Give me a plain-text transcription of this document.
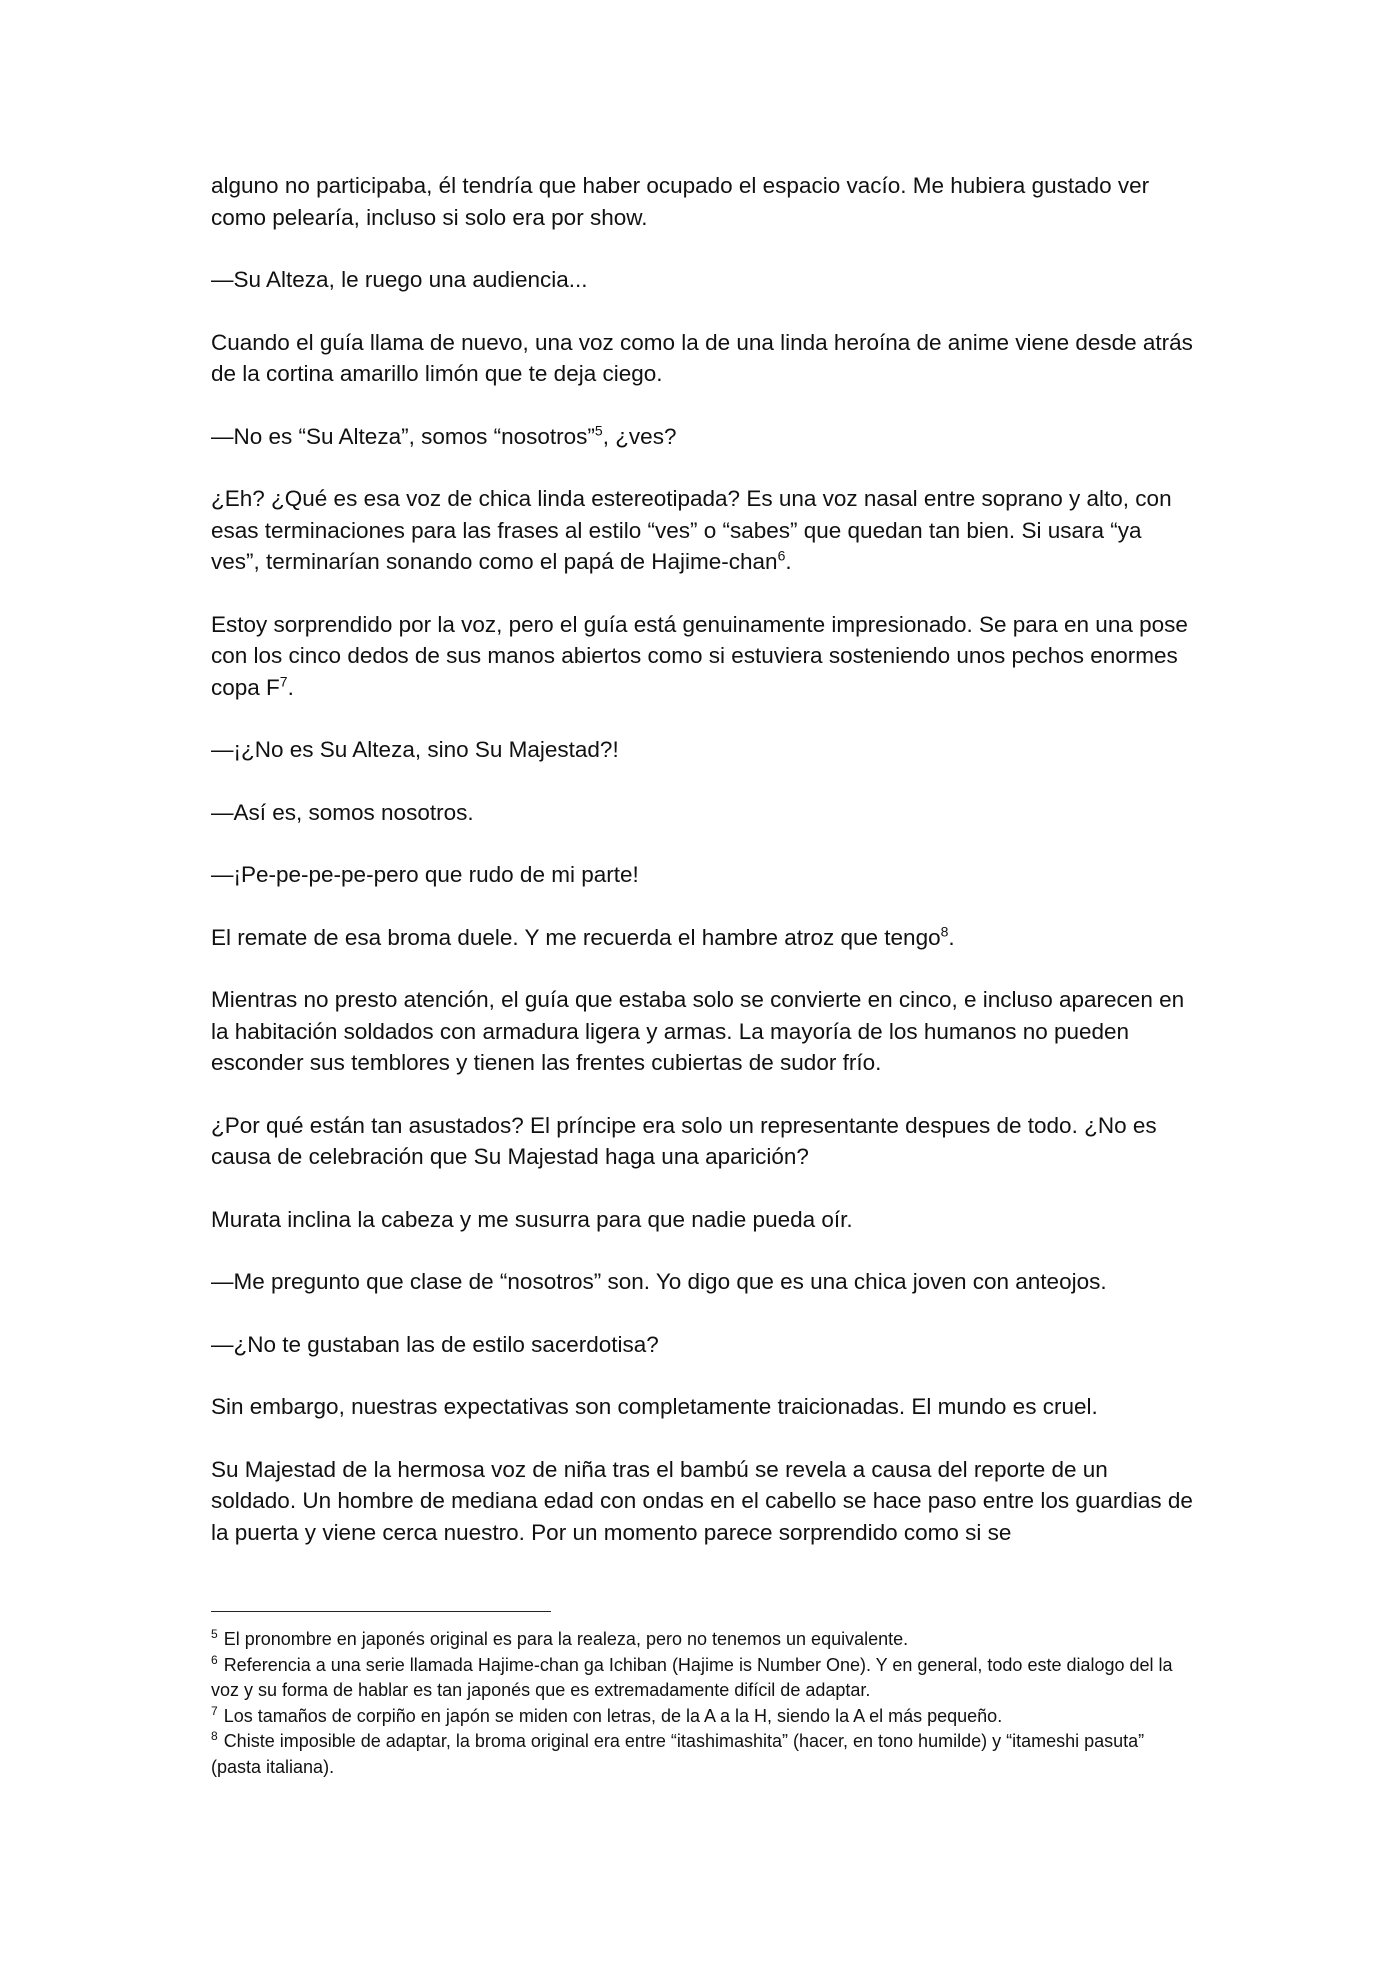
alguno no participaba, él tendría que haber ocupado el espacio vacío. Me hubiera gustado ver como pelearía, incluso si solo era por show.

—Su Alteza, le ruego una audiencia...

Cuando el guía llama de nuevo, una voz como la de una linda heroína de anime viene desde atrás de la cortina amarillo limón que te deja ciego.

—No es “Su Alteza”, somos “nosotros”$^5$, ¿ves?

¿Eh? ¿Qué es esa voz de chica linda estereotipada? Es una voz nasal entre soprano y alto, con esas terminaciones para las frases al estilo “ves” o “sabes” que quedan tan bien. Si usara “ya ves”, terminarían sonando como el papá de Hajime-chan$^6$.

Estoy sorprendido por la voz, pero el guía está genuinamente impresionado. Se para en una pose con los cinco dedos de sus manos abiertos como si estuviera sosteniendo unos pechos enormes copa $F^7$.

—¡¿No es Su Alteza, sino Su Majestad?!

—Así es, somos nosotros.

—¡Pe-pe-pe-pe-pero que rudo de mi parte!

El remate de esa broma duele. Y me recuerda el hambre atroz que tengo$^8$.

Mientras no presto atención, el guía que estaba solo se convierte en cinco, e incluso aparecen en la habitación soldados con armadura ligera y armas. La mayoría de los humanos no pueden esconder sus temblores y tienen las frentes cubiertas de sudor frío.

¿Por qué están tan asustados? El príncipe era solo un representante despues de todo. ¿No es causa de celebración que Su Majestad haga una aparición?

Murata inclina la cabeza y me susurra para que nadie pueda oír.

—Me pregunto que clase de “nosotros” son. Yo digo que es una chica joven con anteojos.

—¿No te gustaban las de estilo sacerdotisa?

Sin embargo, nuestras expectativas son completamente traicionadas. El mundo es cruel.

Su Majestad de la hermosa voz de niña tras el bambú se revela a causa del reporte de un soldado. Un hombre de mediana edad con ondas en el cabello se hace paso entre los guardias de la puerta y viene cerca nuestro. Por un momento parece sorprendido como si se

$^5$ El pronombre en japonés original es para la realeza, pero no tenemos un equivalente.

$^6$ Referencia a una serie llamada Hajime-chan ga Ichiban (Hajime is Number One). Y en general, todo este dialogo del la voz y su forma de hablar es tan japonés que es extremadamente difícil de adaptar.

$^7$ Los tamaños de corpiño en japón se miden con letras, de la A a la H, siendo la A el más pequeño.

$^8$ Chiste imposible de adaptar, la broma original era entre “itashimashita” (hacer, en tono humilde) y “itameshi pasuta” (pasta italiana).
